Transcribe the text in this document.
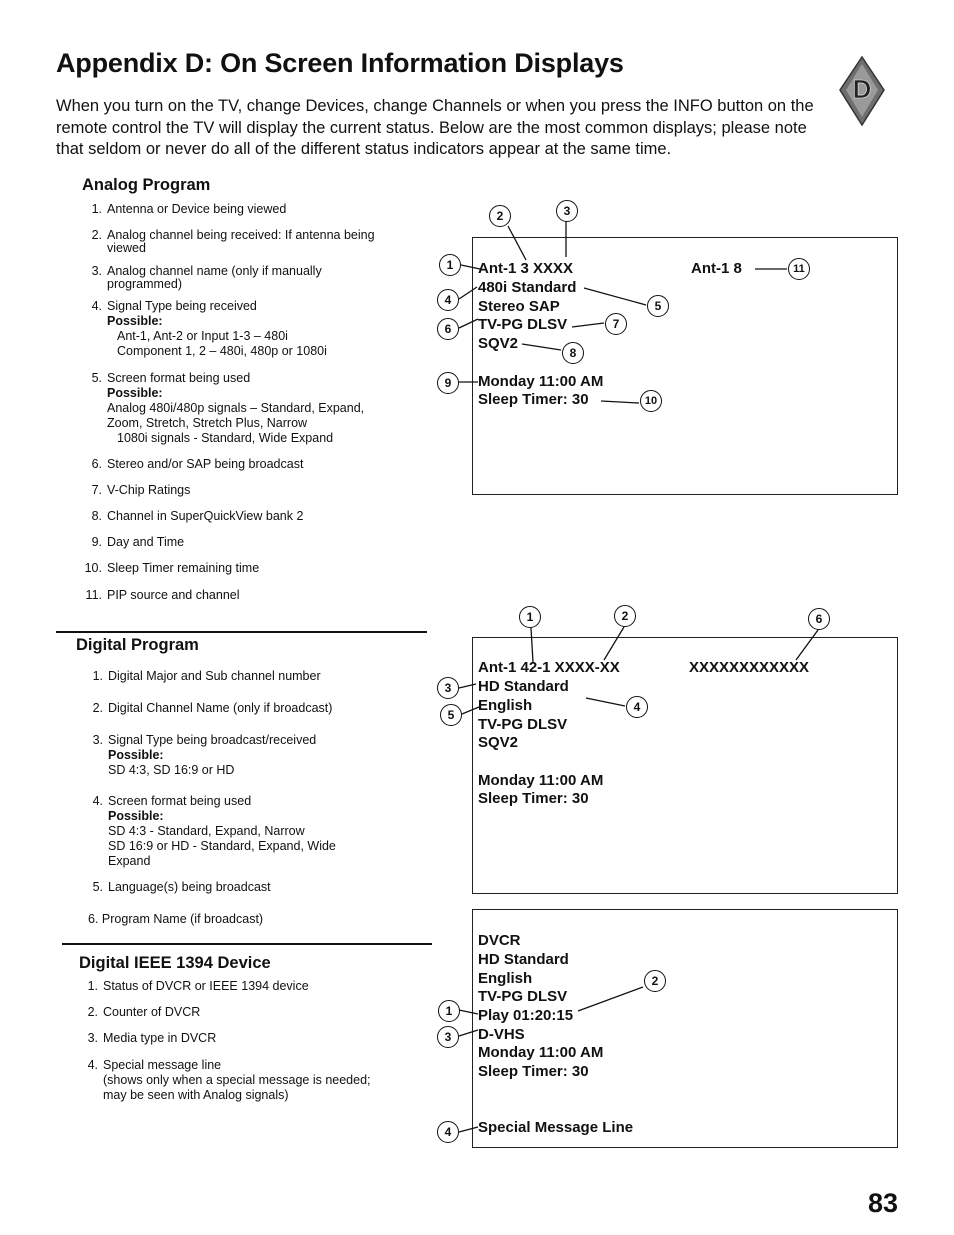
Appendix D: On Screen Information Displays

When you turn on the TV, change Devices, change Channels or when you press the INFO button on the remote control the TV will display the current status. Below are the most common displays; please note that seldom or never do all of the different status indicators appear at the same time.

D
Analog Program
1. Antenna or Device being viewed
2. Analog channel being received: If antenna being
viewed
3. Analog channel name (only if manually
programmed)
4. Signal Type being received
Possible:
Ant-1, Ant-2 or Input 1-3 – 480i
Component 1, 2 – 480i, 480p or 1080i
5. Screen format being used
Possible:
Analog 480i/480p signals – Standard, Expand,
Zoom, Stretch, Stretch Plus, Narrow
1080i signals - Standard, Wide Expand
6. Stereo and/or SAP being broadcast
7. V-Chip Ratings
8. Channel in SuperQuickView bank 2
9. Day and Time
10. Sleep Timer remaining time
11. PIP source and channel
Ant-1 3 XXXX
480i Standard
Stereo SAP
TV-PG DLSV
SQV2
Monday 11:00 AM
Sleep Timer: 30
Ant-1 8
1
2	3
4	5
6	7
8
9
10
11
Digital Program
1. Digital Major and Sub channel number
2. Digital Channel Name (only if broadcast)
3. Signal Type being broadcast/received
Possible:
SD 4:3, SD 16:9 or HD
4. Screen format being used
Possible:
SD 4:3 - Standard, Expand, Narrow
SD 16:9 or HD - Standard, Expand, Wide
Expand
5. Language(s) being broadcast
6. Program Name (if broadcast)
Ant-1 42-1 XXXX-XX
HD Standard
English
TV-PG DLSV
SQV2
Monday 11:00 AM
Sleep Timer: 30
XXXXXXXXXXXX
1	2
3
4
5
6
Digital IEEE 1394 Device
1. Status of DVCR or IEEE 1394 device
2. Counter of DVCR
3. Media type in DVCR
4. Special message line
(shows only when a special message is needed;
may be seen with Analog signals)
DVCR
HD Standard
English
TV-PG DLSV
Play 01:20:15
D-VHS
Monday 11:00 AM
Sleep Timer: 30
Special Message Line
1
2
3
4
83
